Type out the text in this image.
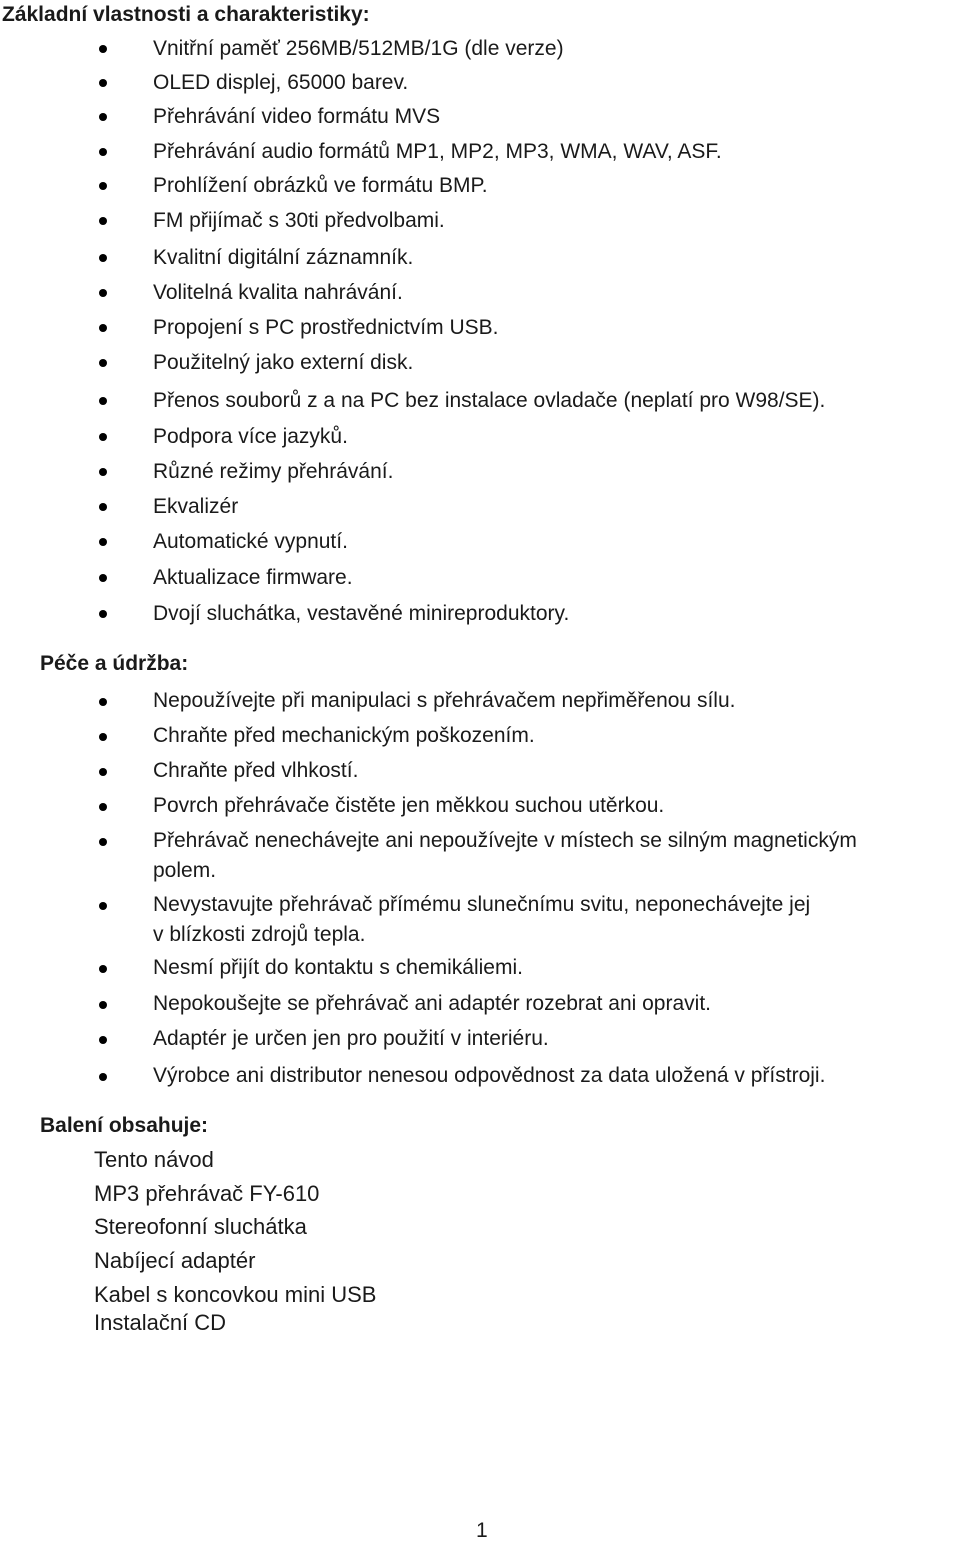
Základní vlastnosti a charakteristiky:
Vnitřní paměť 256MB/512MB/1G (dle verze)
OLED displej, 65000 barev.
Přehrávání video formátu MVS
Přehrávání audio formátů MP1, MP2, MP3, WMA, WAV, ASF.
Prohlížení obrázků ve formátu BMP.
FM přijímač s 30ti předvolbami.
Kvalitní digitální záznamník.
Volitelná kvalita nahrávání.
Propojení s PC prostřednictvím USB.
Použitelný jako externí disk.
Přenos souborů z a na PC bez instalace ovladače (neplatí pro W98/SE).
Podpora více jazyků.
Různé režimy přehrávání.
Ekvalizér
Automatické vypnutí.
Aktualizace firmware.
Dvojí sluchátka, vestavěné minireproduktory.
Péče a údržba:
Nepoužívejte při manipulaci s přehrávačem nepřiměřenou sílu.
Chraňte před mechanickým poškozením.
Chraňte před vlhkostí.
Povrch přehrávače čistěte jen měkkou suchou utěrkou.
Přehrávač nenechávejte ani nepoužívejte v místech se silným magnetickým
polem.
Nevystavujte přehrávač přímému slunečnímu svitu, neponechávejte jej
v blízkosti zdrojů tepla.
Nesmí přijít do kontaktu s chemikáliemi.
Nepokoušejte se přehrávač ani adaptér rozebrat ani opravit.
Adaptér je určen jen pro použití v interiéru.
Výrobce ani distributor nenesou odpovědnost za data uložená v přístroji.
Balení obsahuje:
Tento návod
MP3 přehrávač FY-610
Stereofonní sluchátka
Nabíjecí adaptér
Kabel s koncovkou mini USB
Instalační CD
1
